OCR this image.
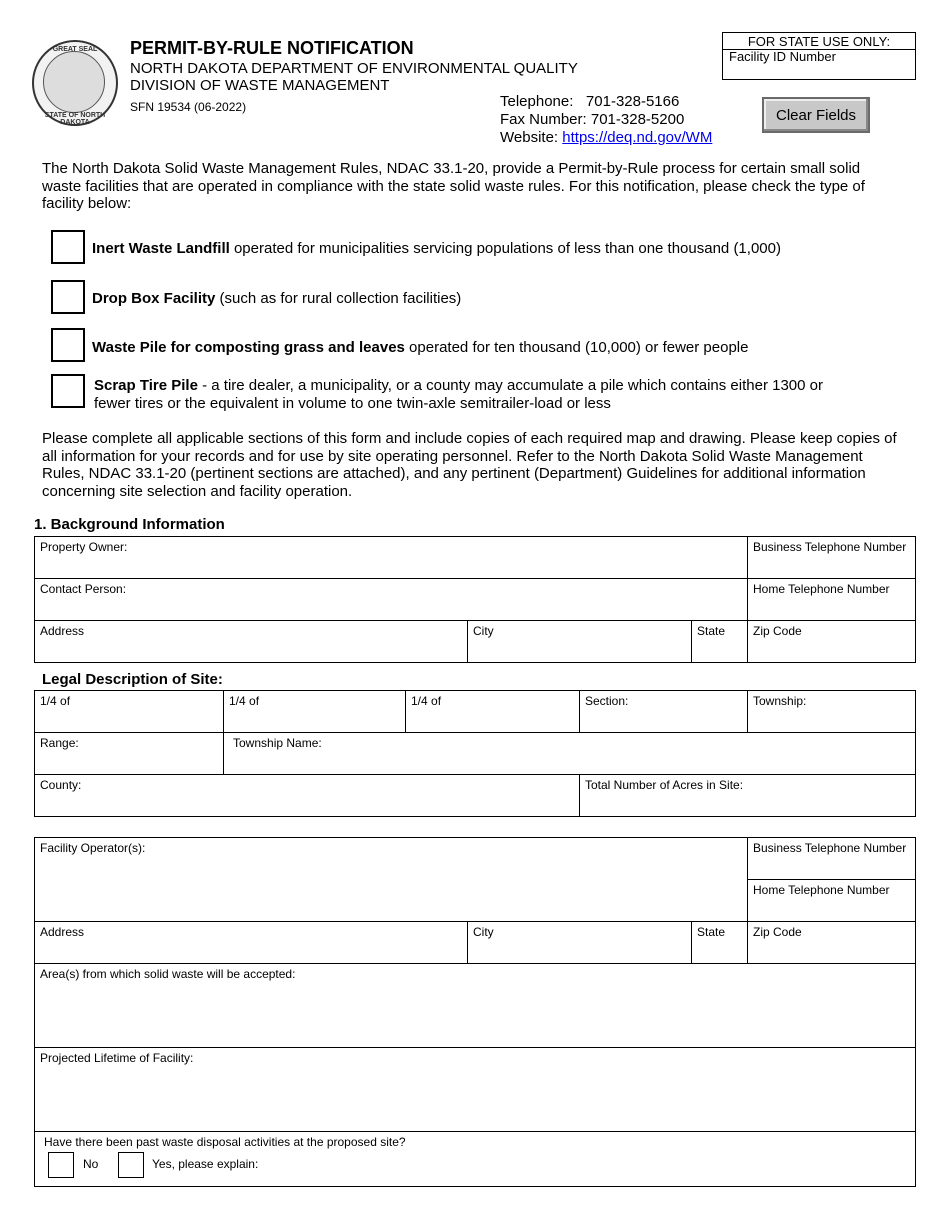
GREAT SEAL
STATE OF NORTH DAKOTA
PERMIT-BY-RULE NOTIFICATION
NORTH DAKOTA DEPARTMENT OF ENVIRONMENTAL QUALITY
DIVISION OF WASTE MANAGEMENT
SFN 19534 (06-2022)	Telephone: 701-328-5166
Fax Number: 701-328-5200
Website: https://deq.nd.gov/WM
FOR STATE USE ONLY:
Facility ID Number
Clear Fields
The North Dakota Solid Waste Management Rules, NDAC 33.1-20, provide a Permit-by-Rule process for certain small solid waste facilities that are operated in compliance with the state solid waste rules. For this notification, please check the type of facility below:
Inert Waste Landfill operated for municipalities servicing populations of less than one thousand (1,000)
Drop Box Facility (such as for rural collection facilities)
Waste Pile for composting grass and leaves operated for ten thousand (10,000) or fewer people
Scrap Tire Pile - a tire dealer, a municipality, or a county may accumulate a pile which contains either 1300 or fewer tires or the equivalent in volume to one twin-axle semitrailer-load or less
Please complete all applicable sections of this form and include copies of each required map and drawing. Please keep copies of all information for your records and for use by site operating personnel. Refer to the North Dakota Solid Waste Management Rules, NDAC 33.1-20 (pertinent sections are attached), and any pertinent (Department) Guidelines for additional information concerning site selection and facility operation.
1. Background Information
Property Owner:	Business Telephone Number
Contact Person:	Home Telephone Number
Address	City	State Zip Code
Legal Description of Site:
1/4 of	1/4 of	1/4 of	Section:	Township:
Range:	Township Name:
County:	Total Number of Acres in Site:
Facility Operator(s):	Business Telephone Number
Home Telephone Number
Address	City	State Zip Code
Area(s) from which solid waste will be accepted:
Projected Lifetime of Facility:
Have there been past waste disposal activities at the proposed site?
No	Yes, please explain:
